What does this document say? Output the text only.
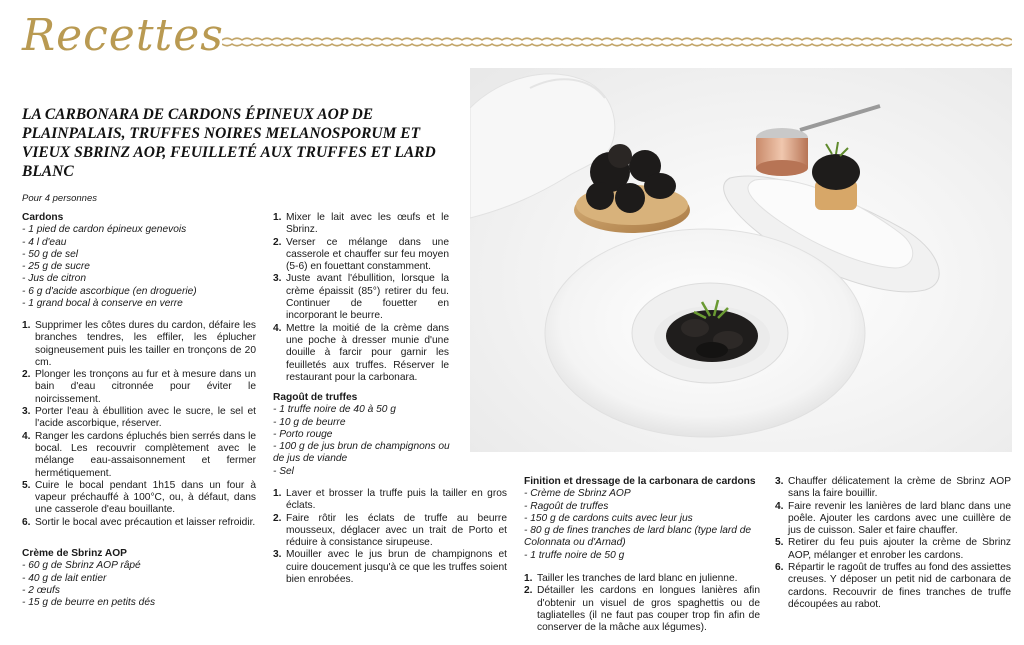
Recettes
LA CARBONARA DE CARDONS ÉPINEUX AOP DE PLAINPALAIS, TRUFFES NOIRES MELANOSPORUM ET VIEUX SBRINZ AOP, FEUILLETÉ AUX TRUFFES ET LARD BLANC
Pour 4 personnes
Cardons
- 1 pied de cardon épineux genevois
- 4 l d'eau
- 50 g de sel
- 25 g de sucre
- Jus de citron
- 6 g d'acide ascorbique (en droguerie)
- 1 grand bocal à conserve en verre
1. Supprimer les côtes dures du cardon, défaire les branches tendres, les effiler, les éplucher soigneusement puis les tailler en tronçons de 20 cm.
2. Plonger les tronçons au fur et à mesure dans un bain d'eau citronnée pour éviter le noircissement.
3. Porter l'eau à ébullition avec le sucre, le sel et l'acide ascorbique, réserver.
4. Ranger les cardons épluchés bien serrés dans le bocal. Les recouvrir complètement avec le mélange eau-assaisonnement et fermer hermétiquement.
5. Cuire le bocal pendant 1h15 dans un four à vapeur préchauffé à 100°C, ou, à défaut, dans une casserole d'eau bouillante.
6. Sortir le bocal avec précaution et laisser refroidir.
Crème de Sbrinz AOP
- 60 g de Sbrinz AOP râpé
- 40 g de lait entier
- 2 œufs
- 15 g de beurre en petits dés
1. Mixer le lait avec les œufs et le Sbrinz.
2. Verser ce mélange dans une casserole et chauffer sur feu moyen (5-6) en fouettant constamment.
3. Juste avant l'ébullition, lorsque la crème épaissit (85°) retirer du feu. Continuer de fouetter en incorporant le beurre.
4. Mettre la moitié de la crème dans une poche à dresser munie d'une douille à farcir pour garnir les feuilletés aux truffes. Réserver le restaurant pour la carbonara.
Ragoût de truffes
- 1 truffe noire de 40 à 50 g
- 10 g de beurre
- Porto rouge
- 100 g de jus brun de champignons ou de jus de viande
- Sel
1. Laver et brosser la truffe puis la tailler en gros éclats.
2. Faire rôtir les éclats de truffe au beurre mousseux, déglacer avec un trait de Porto et réduire à consistance sirupeuse.
3. Mouiller avec le jus brun de champignons et cuire doucement jusqu'à ce que les truffes soient bien enrobées.
Finition et dressage de la carbonara de cardons
- Crème de Sbrinz AOP
- Ragoût de truffes
- 150 g de cardons cuits avec leur jus
- 80 g de fines tranches de lard blanc (type lard de Colonnata ou d'Arnad)
- 1 truffe noire de 50 g
1. Tailler les tranches de lard blanc en julienne.
2. Détailler les cardons en longues lanières afin d'obtenir un visuel de gros spaghettis ou de tagliatelles (il ne faut pas couper trop fin afin de conserver de la mâche aux légumes).
3. Chauffer délicatement la crème de Sbrinz AOP sans la faire bouillir.
4. Faire revenir les lanières de lard blanc dans une poêle. Ajouter les cardons avec une cuillère de jus de cuisson. Saler et faire chauffer.
5. Retirer du feu puis ajouter la crème de Sbrinz AOP, mélanger et enrober les cardons.
6. Répartir le ragoût de truffes au fond des assiettes creuses. Y déposer un petit nid de carbonara de cardons. Recouvrir de fines tranches de truffe découpées au rabot.
